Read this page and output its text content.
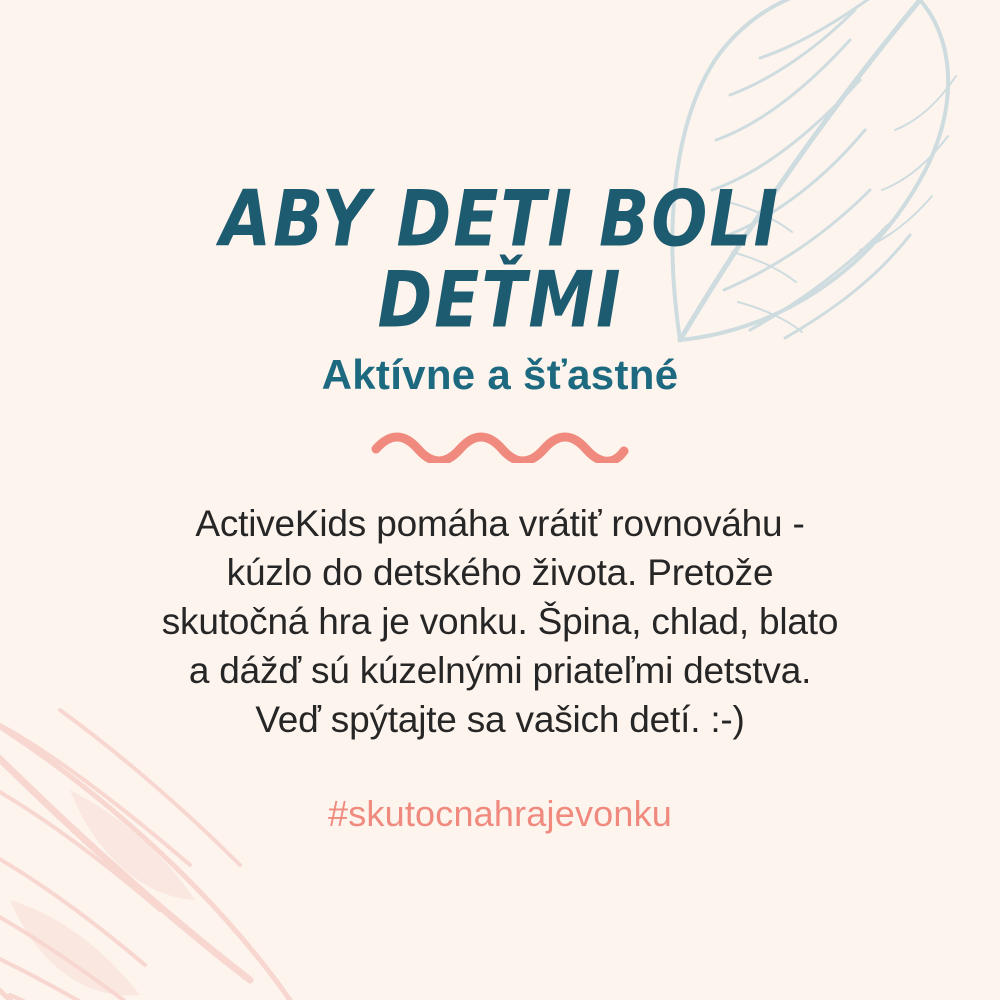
ABY DETI BOLI DEŤMI
Aktívne a šťastné

ActiveKids pomáha vrátiť rovnováhu - kúzlo do detského života. Pretože skutočná hra je vonku. Špina, chlad, blato a dážď sú kúzelnými priateľmi detstva. Veď spýtajte sa vašich detí. :-)

#skutocnahrajevonku
